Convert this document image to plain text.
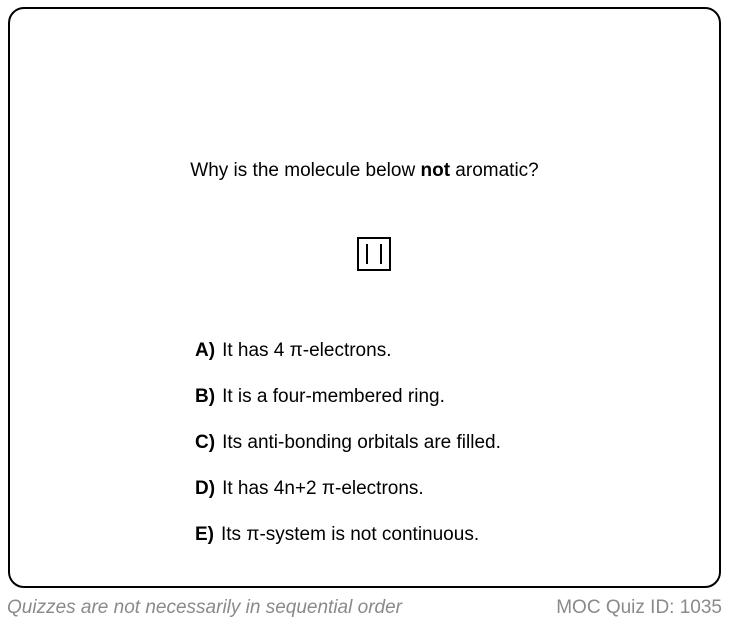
Why is the molecule below not aromatic?
A) It has 4 π-electrons.
B) It is a four-membered ring.
C) Its anti-bonding orbitals are filled.
D) It has 4n+2 π-electrons.
E) Its π-system is not continuous.
Quizzes are not necessarily in sequential order	MOC Quiz ID: 1035
